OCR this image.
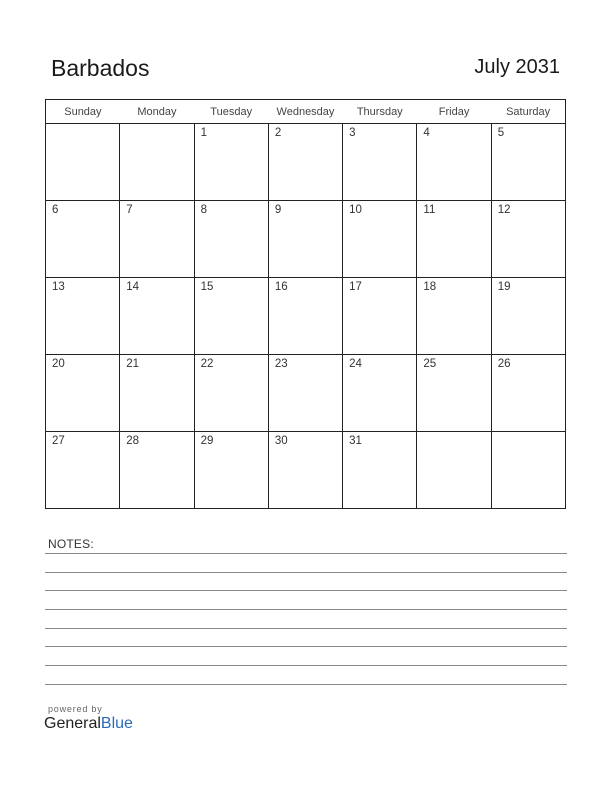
Barbados	July 2031
Sunday	Monday	Tuesday	Wednesday	Thursday	Friday	Saturday

		1	2	3	4	5

6	7	8	9	10	11	12

13	14	15	16	17	18	19

20	21	22	23	24	25	26

27	28	29	30	31		

NOTES:
powered by
GeneralBlue
